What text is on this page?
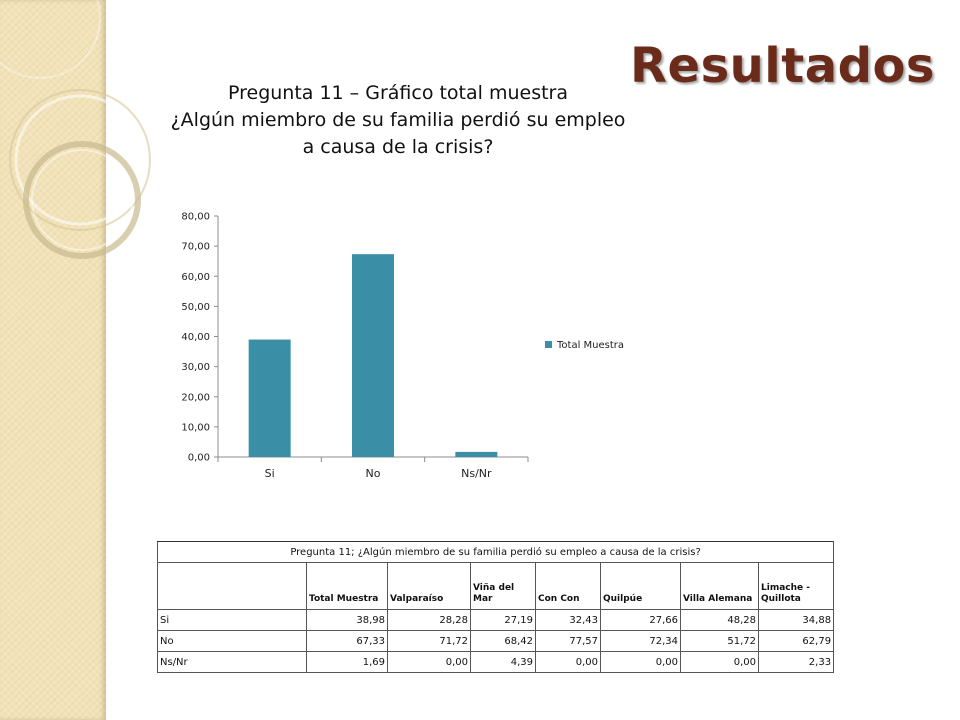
Resultados
Pregunta 11 – Gráfico total muestra
¿Algún miembro de su familia perdió su empleo
a causa de la crisis?
0,00
10,00
20,00
30,00
40,00
50,00
60,00
70,00
80,00
Si	No	Ns/Nr
Total Muestra
Pregunta 11; ¿Algún miembro de su familia perdió su empleo a causa de la crisis?							
	Total Muestra	Valparaíso	Viña del Mar	Con Con	Quilpúe	Villa Alemana	Limache - Quillota
Si	38,98	28,28	27,19	32,43	27,66	48,28	34,88
No	67,33	71,72	68,42	77,57	72,34	51,72	62,79
Ns/Nr	1,69	0,00	4,39	0,00	0,00	0,00	2,33
